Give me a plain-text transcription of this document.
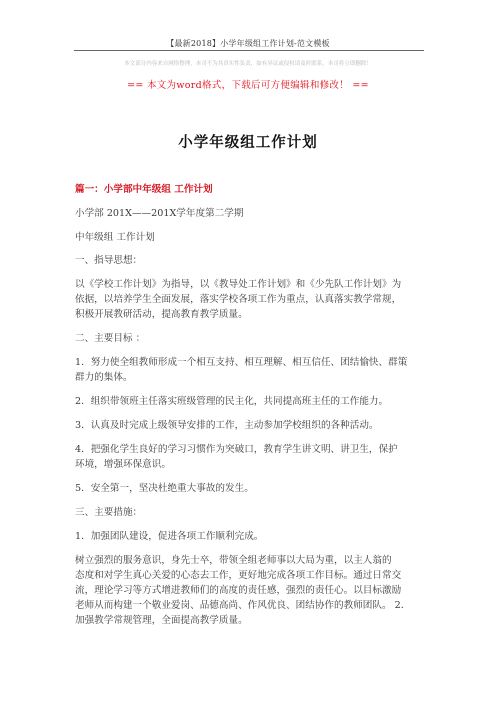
【最新2018】小学年级组工作计划-范文模板
本文部分内容来自网络整理，本司不为其真实性负责，如有异议或侵权请及时联系，本司将立即删除！
== 本文为word格式，下载后可方便编辑和修改！ ==
小学年级组工作计划

篇一：小学部中年级组 工作计划

小学部 201X——201X学年度第二学期

中年级组 工作计划

一、指导思想：

以《学校工作计划》为指导，以《教导处工作计划》和《少先队工作计划》为

依据，以培养学生全面发展，落实学校各项工作为重点，认真落实教学常规，

积极开展教研活动，提高教育教学质量。

二、主要目标 ：

1．努力使全组教师形成一个相互支持、相互理解、相互信任、团结愉快、群策

群力的集体。

2．组织带领班主任落实班级管理的民主化，共同提高班主任的工作能力。

3．认真及时完成上级领导安排的工作，主动参加学校组织的各种活动。

4．把强化学生良好的学习习惯作为突破口，教育学生讲文明、讲卫生，保护

环境，增强环保意识。

5．安全第一，坚决杜绝重大事故的发生。

三、主要措施：

1．加强团队建设，促进各项工作顺利完成。

树立强烈的服务意识，身先士卒，带领全组老师事以大局为重，以主人翁的

态度和对学生真心关爱的心态去工作，更好地完成各项工作目标。通过日常交

流，理论学习等方式增进教师们的高度的责任感，强烈的责任心。以目标激励

老师从而构建一个敬业爱岗、品德高尚、作风优良、团结协作的教师团队。 2．

加强教学常规管理，全面提高教学质量。
